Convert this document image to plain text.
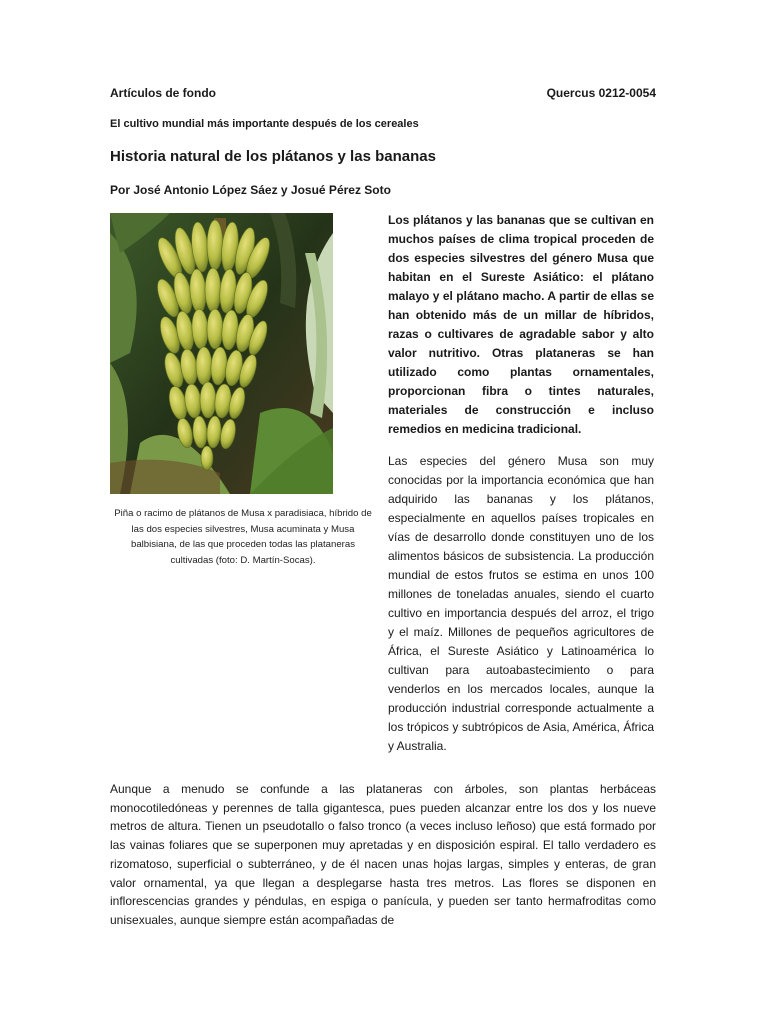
Artículos de fondo	Quercus 0212-0054
El cultivo mundial más importante después de los cereales
Historia natural de los plátanos y las bananas
Por José Antonio López Sáez y Josué Pérez Soto
Piña o racimo de plátanos de Musa x paradisiaca, híbrido de las dos especies silvestres, Musa acuminata y Musa balbisiana, de las que proceden todas las plataneras cultivadas (foto: D. Martín-Socas).

Los plátanos y las bananas que se cultivan en muchos países de clima tropical proceden de dos especies silvestres del género Musa que habitan en el Sureste Asiático: el plátano malayo y el plátano macho. A partir de ellas se han obtenido más de un millar de híbridos, razas o cultivares de agradable sabor y alto valor nutritivo. Otras plataneras se han utilizado como plantas ornamentales, proporcionan fibra o tintes naturales, materiales de construcción e incluso remedios en medicina tradicional.

Las especies del género Musa son muy conocidas por la importancia económica que han adquirido las bananas y los plátanos, especialmente en aquellos países tropicales en vías de desarrollo donde constituyen uno de los alimentos básicos de subsistencia. La producción mundial de estos frutos se estima en unos 100 millones de toneladas anuales, siendo el cuarto cultivo en importancia después del arroz, el trigo y el maíz. Millones de pequeños agricultores de África, el Sureste Asiático y Latinoamérica lo cultivan para autoabastecimiento o para venderlos en los mercados locales, aunque la producción industrial corresponde actualmente a los trópicos y subtrópicos de Asia, América, África y Australia.

Aunque a menudo se confunde a las plataneras con árboles, son plantas herbáceas monocotiledóneas y perennes de talla gigantesca, pues pueden alcanzar entre los dos y los nueve metros de altura. Tienen un pseudotallo o falso tronco (a veces incluso leñoso) que está formado por las vainas foliares que se superponen muy apretadas y en disposición espiral. El tallo verdadero es rizomatoso, superficial o subterráneo, y de él nacen unas hojas largas, simples y enteras, de gran valor ornamental, ya que llegan a desplegarse hasta tres metros. Las flores se disponen en inflorescencias grandes y péndulas, en espiga o panícula, y pueden ser tanto hermafroditas como unisexuales, aunque siempre están acompañadas de
